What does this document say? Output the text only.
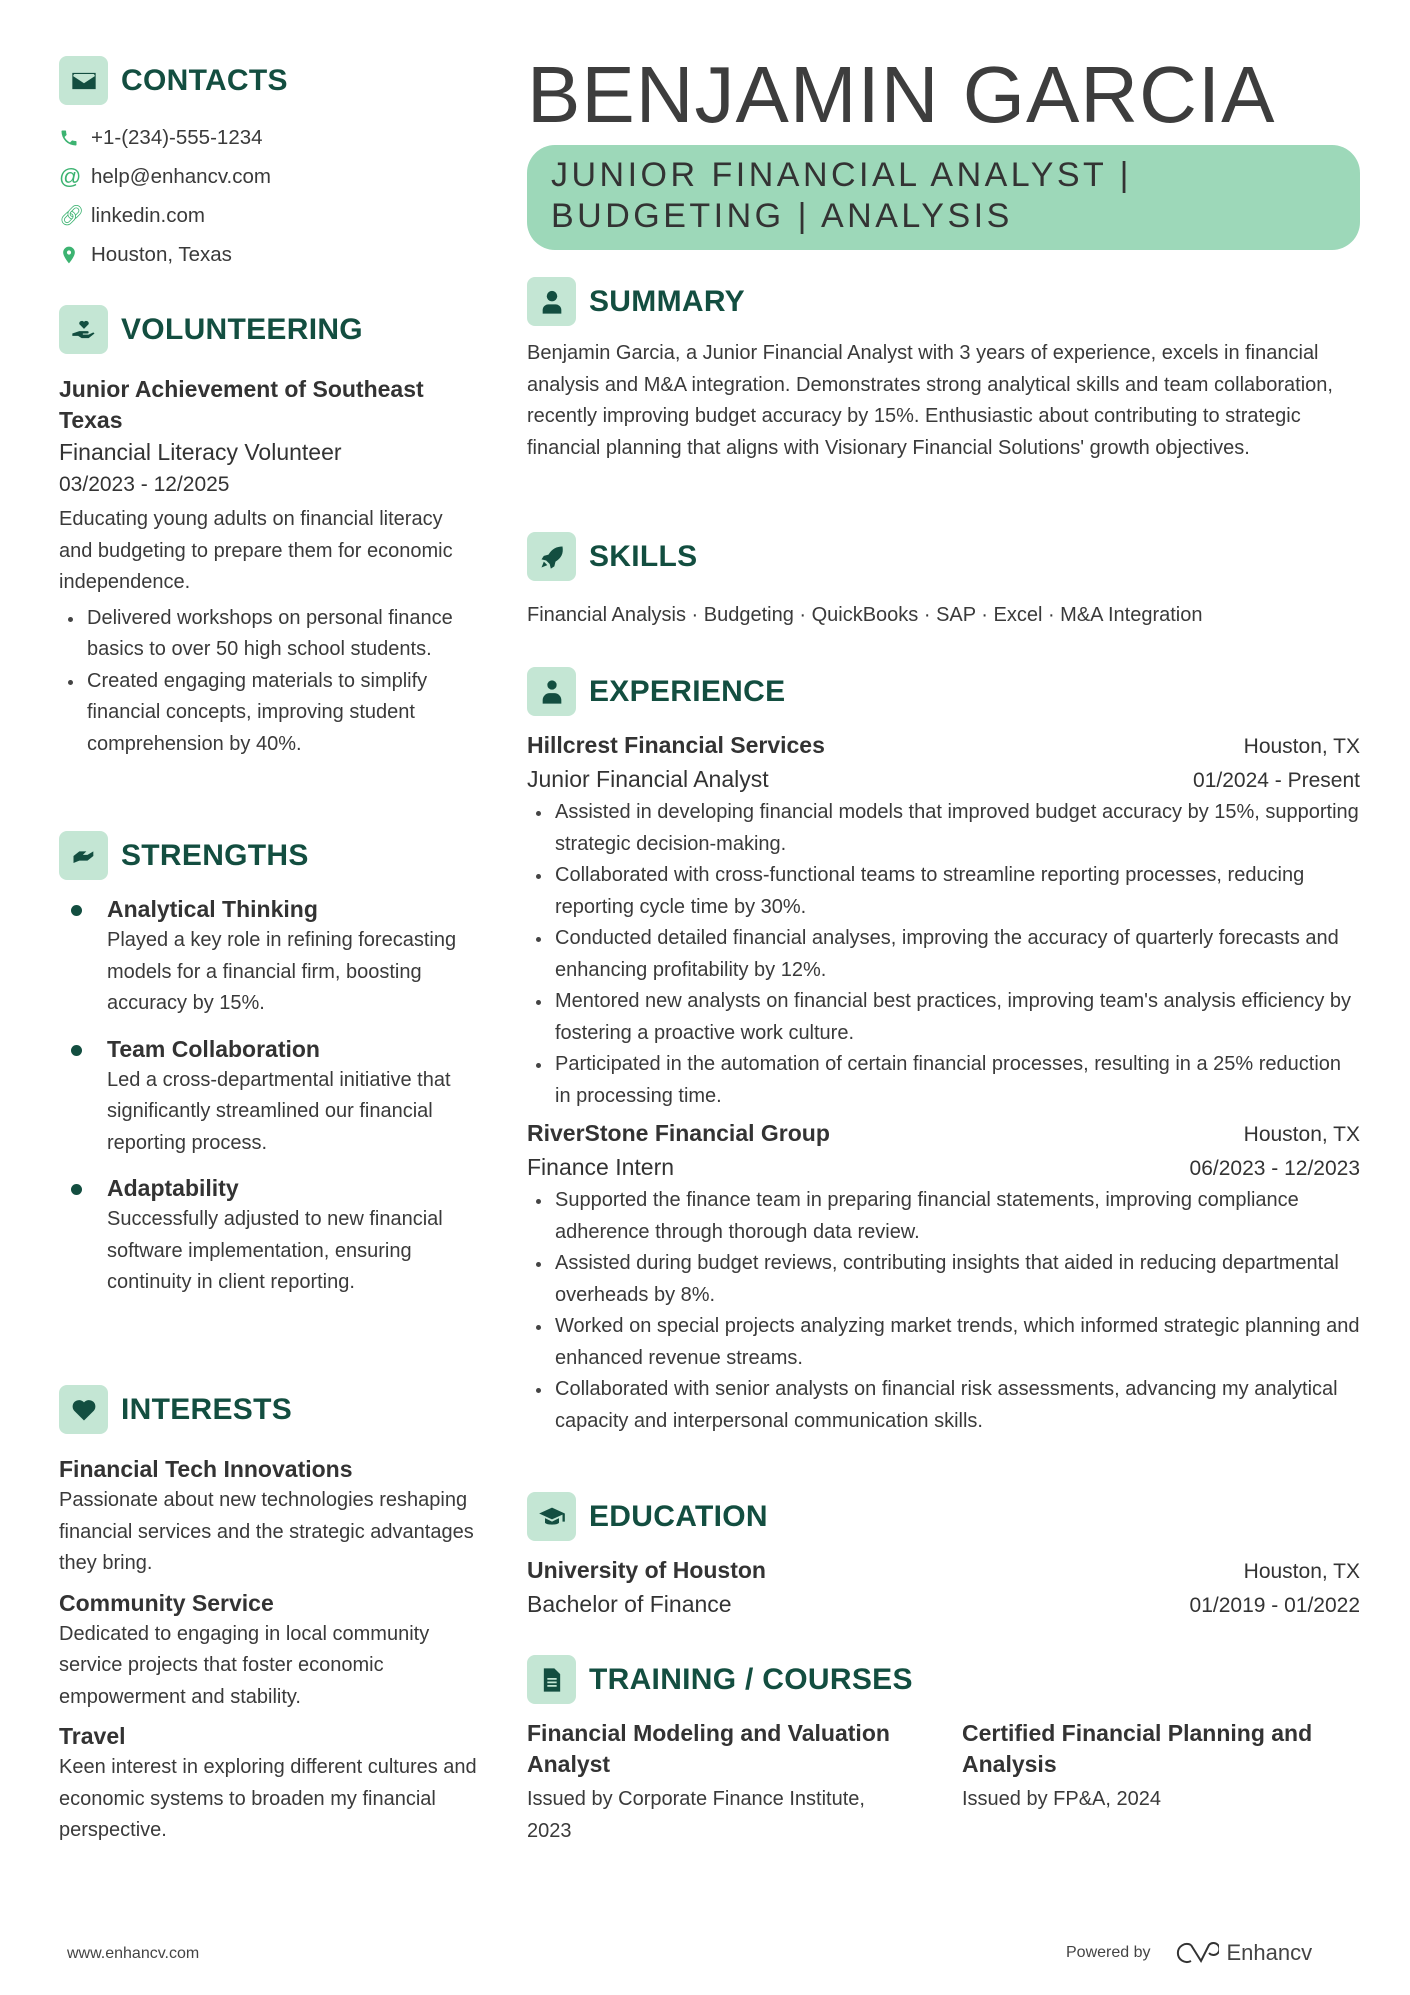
CONTACTS
+1-(234)-555-1234
@ help@enhancv.com
🔗︎ linkedin.com
Houston, Texas
VOLUNTEERING
Junior Achievement of Southeast Texas
Financial Literacy Volunteer
03/2023 - 12/2025
Educating young adults on financial literacy and budgeting to prepare them for economic independence.
Delivered workshops on personal finance basics to over 50 high school students.
Created engaging materials to simplify financial concepts, improving student comprehension by 40%.
STRENGTHS
Analytical Thinking
Played a key role in refining forecasting models for a financial firm, boosting accuracy by 15%.
Team Collaboration
Led a cross-departmental initiative that significantly streamlined our financial reporting process.
Adaptability
Successfully adjusted to new financial software implementation, ensuring continuity in client reporting.
INTERESTS
Financial Tech Innovations
Passionate about new technologies reshaping financial services and the strategic advantages they bring.
Community Service
Dedicated to engaging in local community service projects that foster economic empowerment and stability.
Travel
Keen interest in exploring different cultures and economic systems to broaden my financial perspective.
BENJAMIN GARCIA
JUNIOR FINANCIAL ANALYST | BUDGETING | ANALYSIS
SUMMARY
Benjamin Garcia, a Junior Financial Analyst with 3 years of experience, excels in financial analysis and M&A integration. Demonstrates strong analytical skills and team collaboration, recently improving budget accuracy by 15%. Enthusiastic about contributing to strategic financial planning that aligns with Visionary Financial Solutions' growth objectives.
SKILLS
Financial Analysis · Budgeting · QuickBooks · SAP · Excel · M&A Integration
EXPERIENCE
Hillcrest Financial Services	Houston, TX
Junior Financial Analyst	01/2024 - Present
Assisted in developing financial models that improved budget accuracy by 15%, supporting strategic decision-making.
Collaborated with cross-functional teams to streamline reporting processes, reducing reporting cycle time by 30%.
Conducted detailed financial analyses, improving the accuracy of quarterly forecasts and enhancing profitability by 12%.
Mentored new analysts on financial best practices, improving team's analysis efficiency by fostering a proactive work culture.
Participated in the automation of certain financial processes, resulting in a 25% reduction in processing time.
RiverStone Financial Group	Houston, TX
Finance Intern	06/2023 - 12/2023
Supported the finance team in preparing financial statements, improving compliance adherence through thorough data review.
Assisted during budget reviews, contributing insights that aided in reducing departmental overheads by 8%.
Worked on special projects analyzing market trends, which informed strategic planning and enhanced revenue streams.
Collaborated with senior analysts on financial risk assessments, advancing my analytical capacity and interpersonal communication skills.
EDUCATION
University of Houston	Houston, TX
Bachelor of Finance	01/2019 - 01/2022
TRAINING / COURSES
Financial Modeling and Valuation Analyst
Issued by Corporate Finance Institute, 2023
Certified Financial Planning and Analysis
Issued by FP&A, 2024
www.enhancv.com	Powered by	Enhancv
